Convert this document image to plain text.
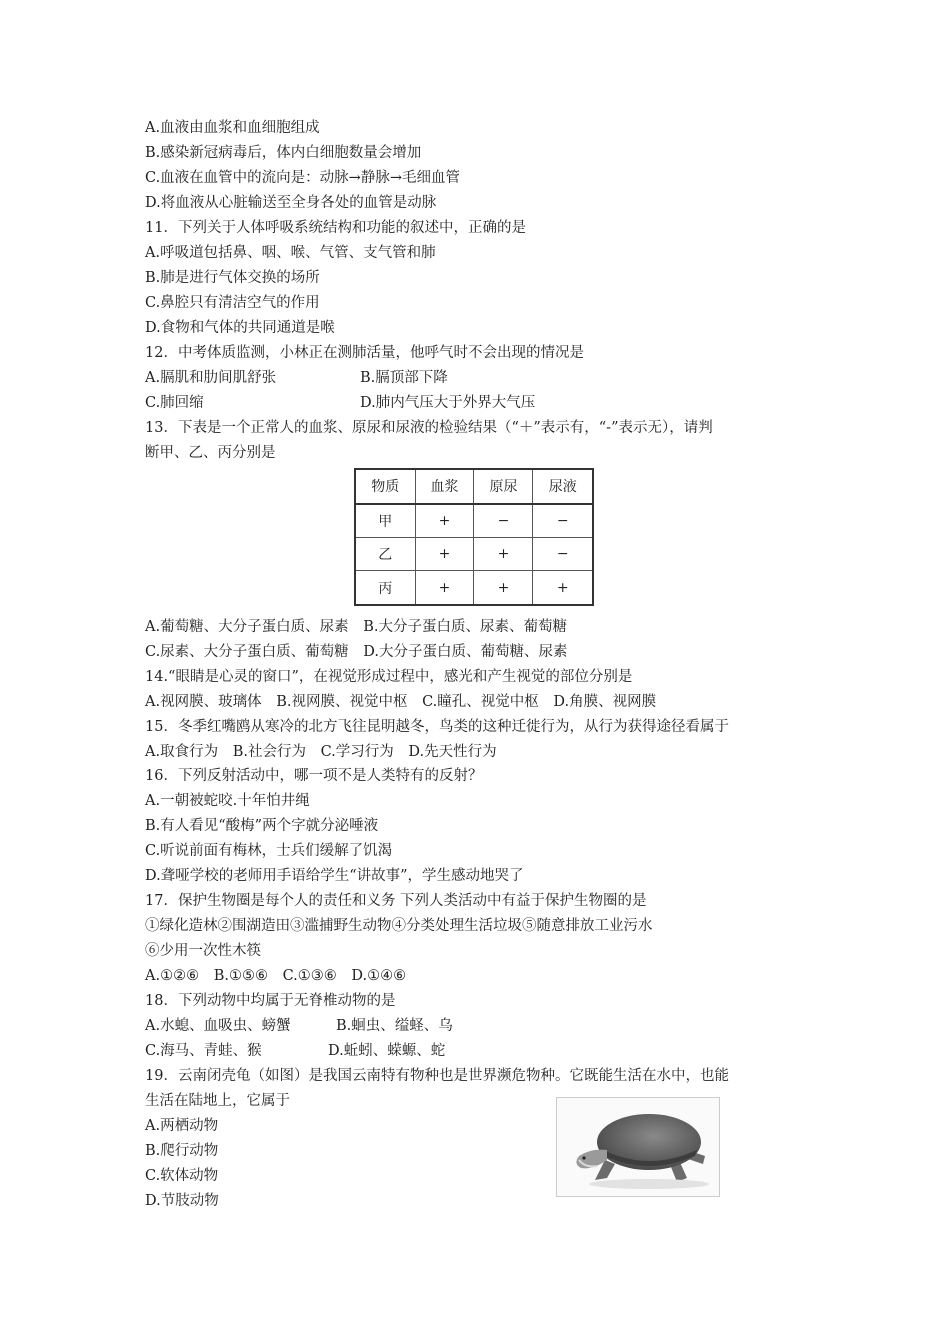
A.血液由血浆和血细胞组成
B.感染新冠病毒后，体内白细胞数量会增加
C.血液在血管中的流向是：动脉→静脉→毛细血管
D.将血液从心脏输送至全身各处的血管是动脉
11．下列关于人体呼吸系统结构和功能的叙述中，正确的是
A.呼吸道包括鼻、咽、喉、气管、支气管和肺
B.肺是进行气体交换的场所
C.鼻腔只有清洁空气的作用
D.食物和气体的共同通道是喉
12．中考体质监测，小林正在测肺活量，他呼气时不会出现的情况是
A.膈肌和肋间肌舒张	B.膈顶部下降
C.肺回缩	D.肺内气压大于外界大气压
13．下表是一个正常人的血浆、原尿和尿液的检验结果（“＋”表示有，“-”表示无），请判
断甲、乙、丙分别是
物质	血浆	原尿	尿液
甲	+	−	−
乙	+	+	−
丙	+	+	+
A.葡萄糖、大分子蛋白质、尿素 B.大分子蛋白质、尿素、葡萄糖
C.尿素、大分子蛋白质、葡萄糖 D.大分子蛋白质、葡萄糖、尿素
14.“眼睛是心灵的窗口”，在视觉形成过程中，感光和产生视觉的部位分别是
A.视网膜、玻璃体 B.视网膜、视觉中枢 C.瞳孔、视觉中枢 D.角膜、视网膜
15．冬季红嘴鸥从寒冷的北方飞往昆明越冬，鸟类的这种迁徙行为，从行为获得途径看属于
A.取食行为 B.社会行为 C.学习行为 D.先天性行为
16．下列反射活动中，哪一项不是人类特有的反射？
A.一朝被蛇咬.十年怕井绳
B.有人看见“酸梅”两个字就分泌唾液
C.听说前面有梅林，士兵们缓解了饥渴
D.聋哑学校的老师用手语给学生“讲故事”，学生感动地哭了
17．保护生物圈是每个人的责任和义务 下列人类活动中有益于保护生物圈的是
①绿化造林②围湖造田③滥捕野生动物④分类处理生活垃圾⑤随意排放工业污水
⑥少用一次性木筷
A.①②⑥ B.①⑤⑥ C.①③⑥ D.①④⑥
18．下列动物中均属于无脊椎动物的是
A.水螅、血吸虫、螃蟹	B.蛔虫、缢蛏、乌
C.海马、青蛙、猴	D.蚯蚓、蝾螈、蛇
19．云南闭壳龟（如图）是我国云南特有物种也是世界濒危物种。它既能生活在水中，也能
生活在陆地上，它属于
A.两栖动物
B.爬行动物
C.软体动物
D.节肢动物
